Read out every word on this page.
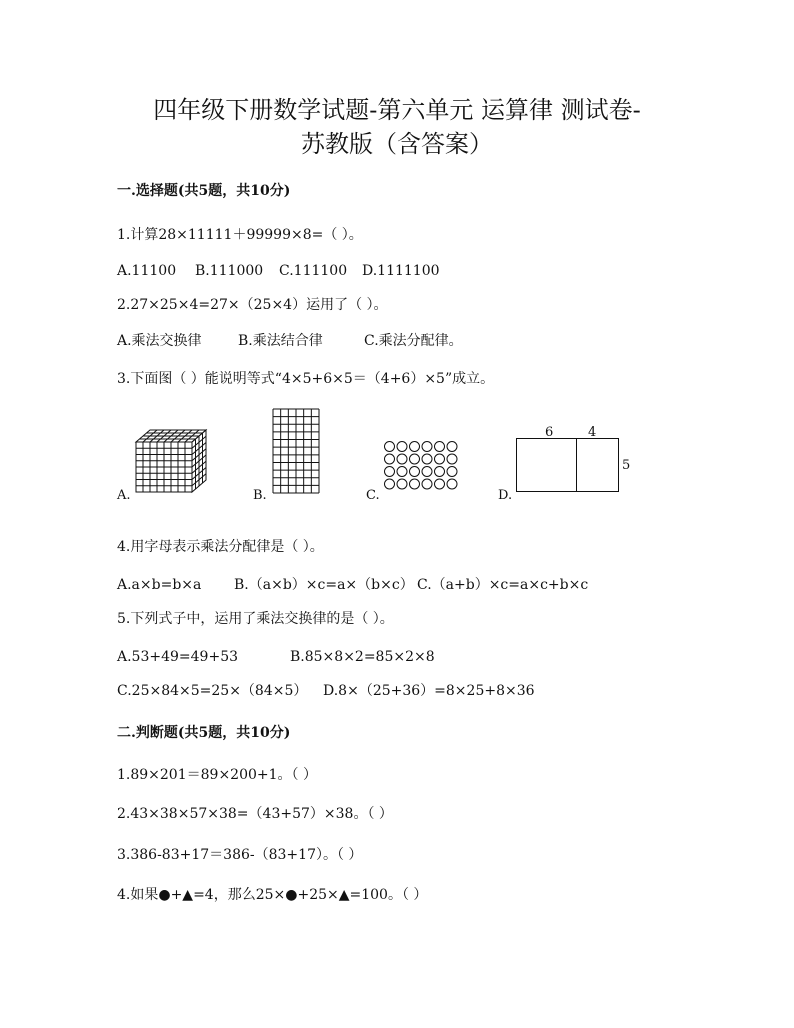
四年级下册数学试题-第六单元 运算律 测试卷-
苏教版（含答案）
一.选择题(共5题，共10分)
1.计算28×11111＋99999×8=（ ）。
A.11100 B.111000 C.111100 D.1111100
2.27×25×4=27×（25×4）运用了（ ）。
A.乘法交换律	B.乘法结合律	C.乘法分配律。
3.下面图（ ）能说明等式“4×5+6×5＝（4+6）×5”成立。
A.	B.	C.
6	4
5
D.
4.用字母表示乘法分配律是（ ）。
A.a×b=b×a B.（a×b）×c=a×（b×c） C.（a+b）×c=a×c+b×c
5.下列式子中，运用了乘法交换律的是（ ）。
A.53+49=49+53	B.85×8×2=85×2×8
C.25×84×5=25×（84×5） D.8×（25+36）=8×25+8×36
二.判断题(共5题，共10分)
1.89×201＝89×200+1。（ ）
2.43×38×57×38=（43+57）×38。（ ）
3.386-83+17＝386-（83+17）。（ ）
4.如果●+▲=4，那么25×●+25×▲=100。（ ）
